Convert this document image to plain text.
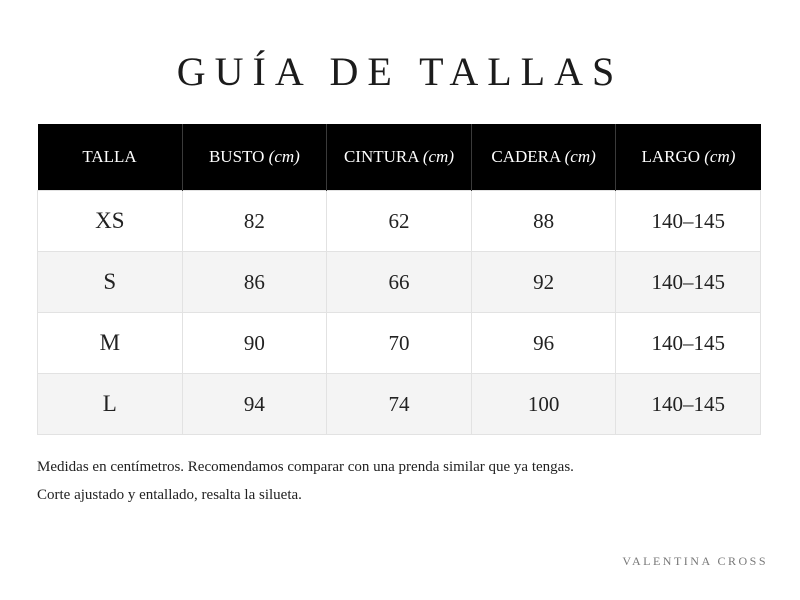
GUÍA DE TALLAS
TALLA	BUSTO (cm)	CINTURA (cm)	CADERA (cm)	LARGO (cm)
XS	82	62	88	140–145
S	86	66	92	140–145
M	90	70	96	140–145
L	94	74	100	140–145

Medidas en centímetros. Recomendamos comparar con una prenda similar que ya tengas.

Corte ajustado y entallado, resalta la silueta.

VALENTINA CROSS
